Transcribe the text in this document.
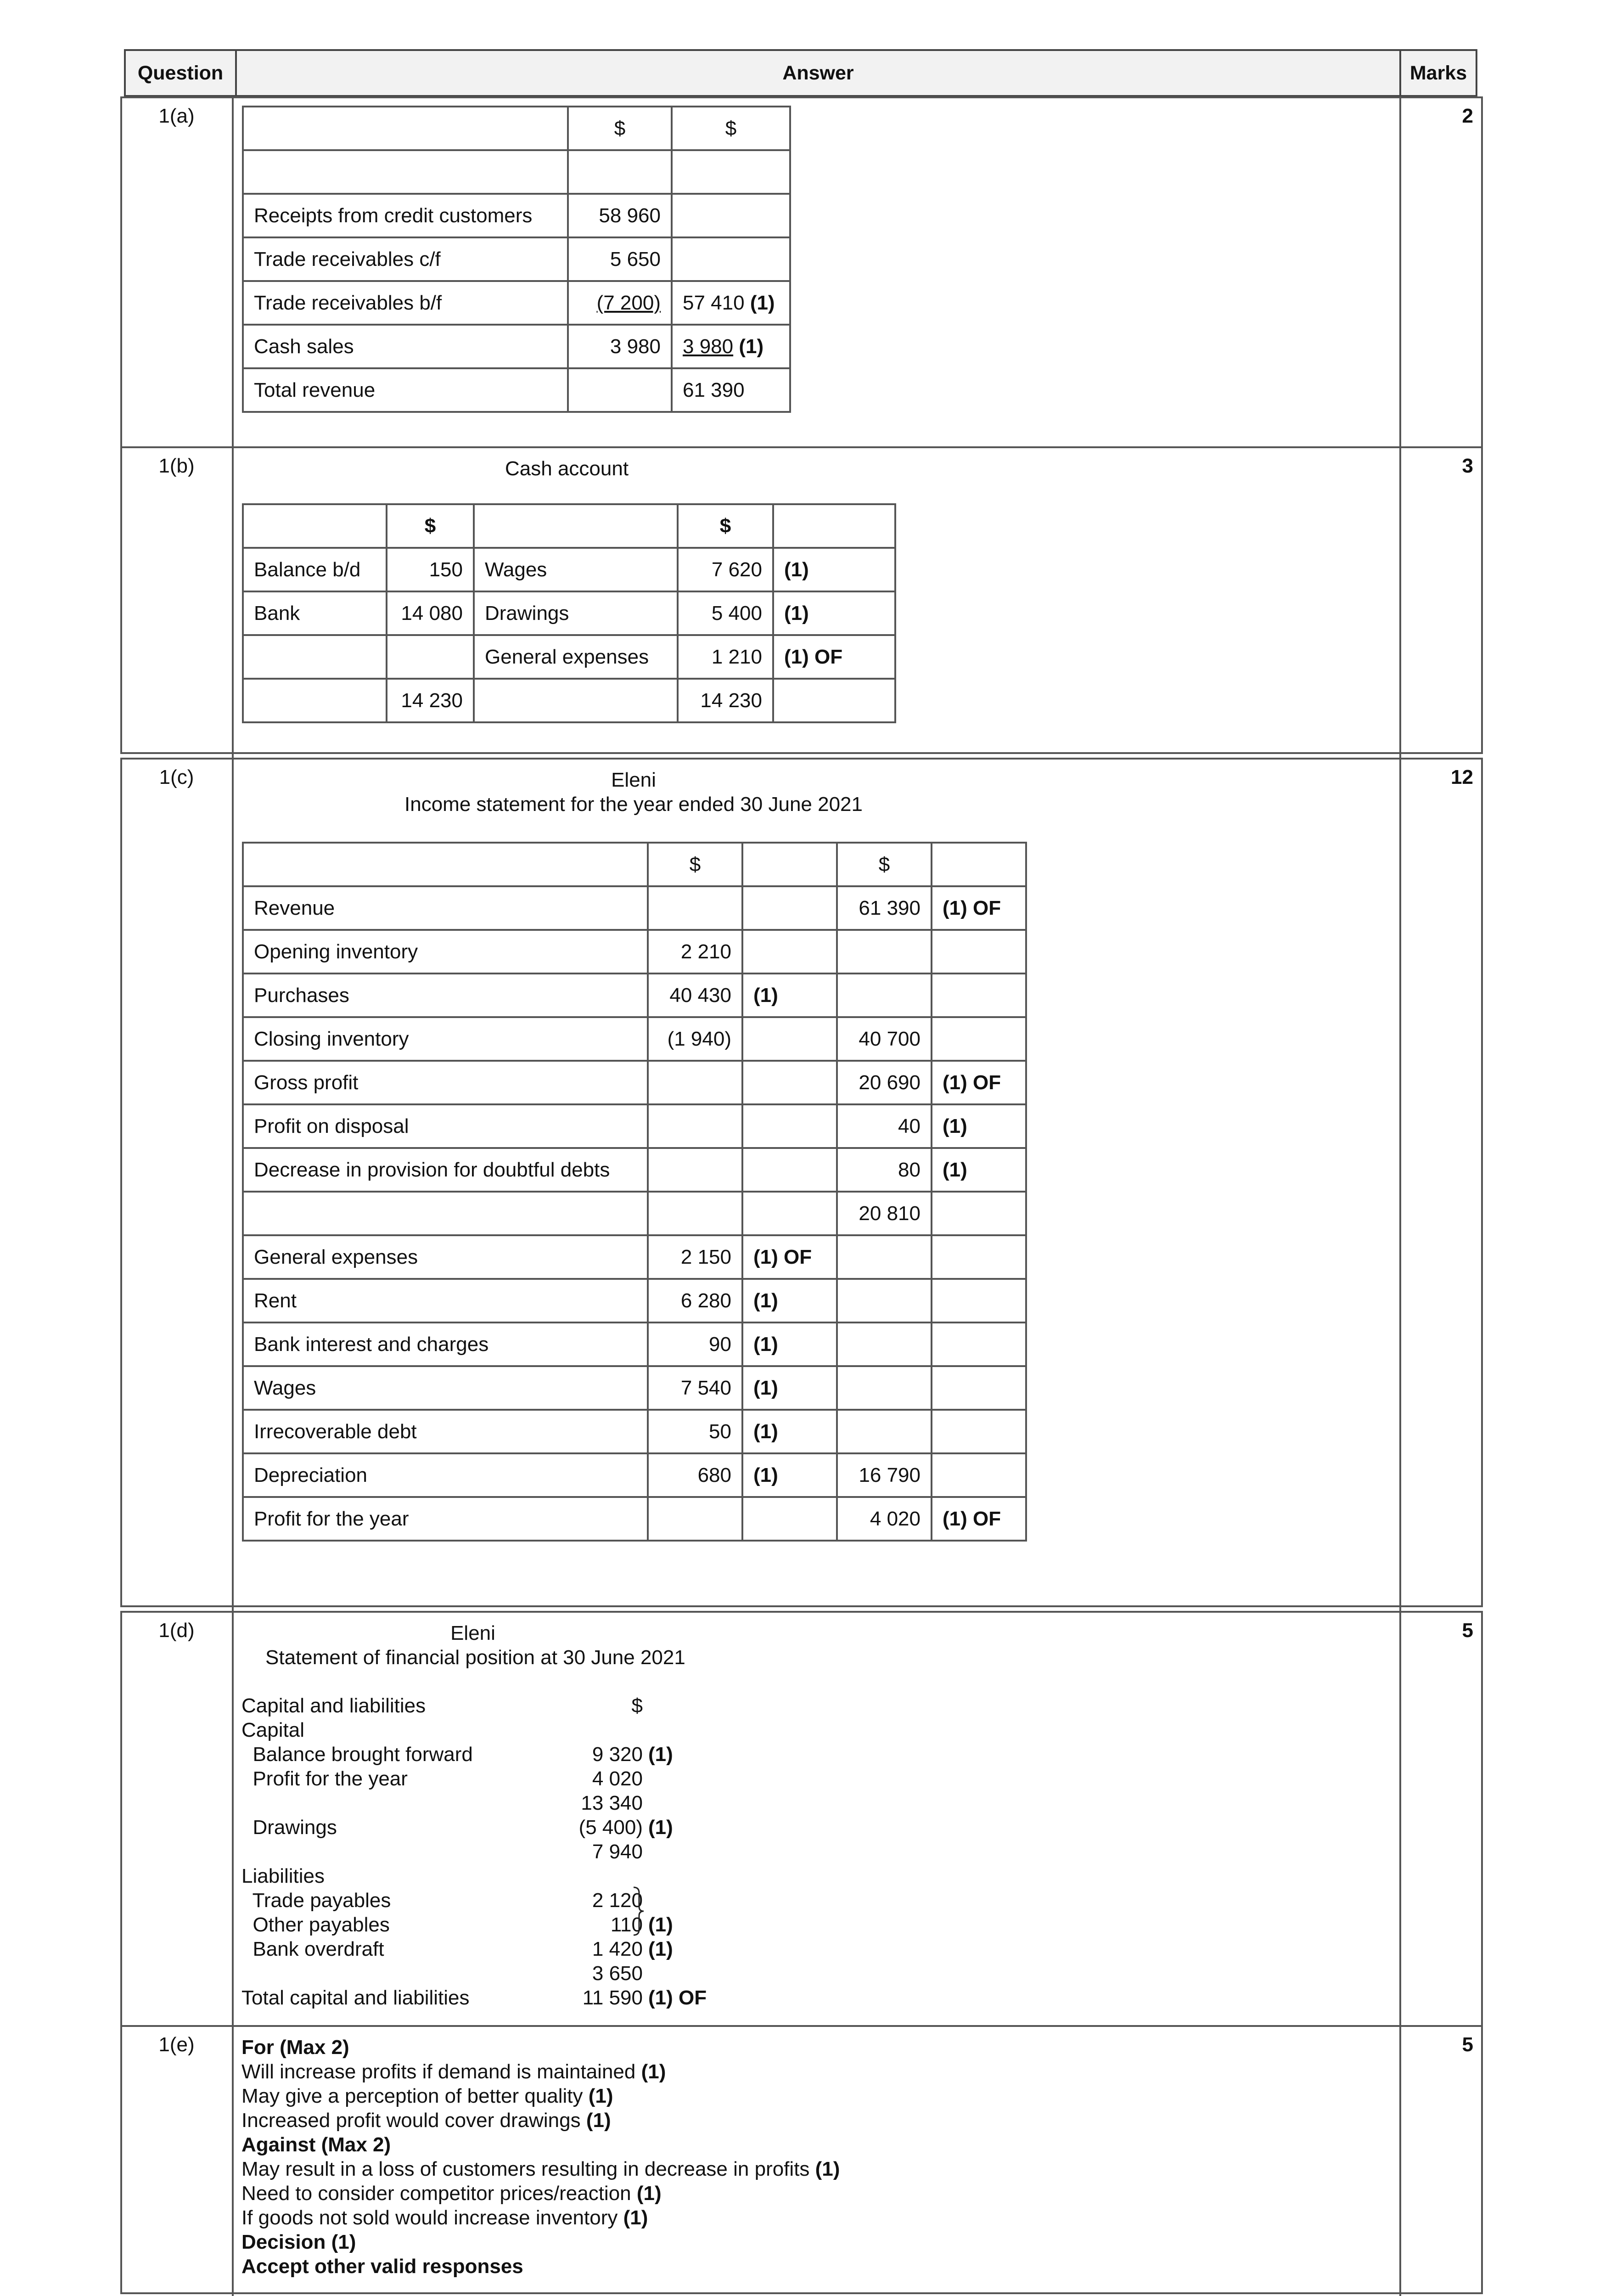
Question	Answer	Marks
1(a)	2
	$	$

Receipts from credit customers	58 960	
Trade receivables c/f	5 650	
Trade receivables b/f	(7 200)	57 410 (1)
Cash sales	3 980	3 980 (1)
Total revenue		61 390
1(b)	3
Cash account
	$		$	
Balance b/d	150	Wages	7 620	(1)
Bank	14 080	Drawings	5 400	(1)
		General expenses	1 210	(1) OF
	14 230		14 230	
1(c)	12
Eleni
Income statement for the year ended 30 June 2021
	$		$	
Revenue			61 390	(1) OF
Opening inventory	2 210			
Purchases	40 430	(1)		
Closing inventory	(1 940)		40 700	
Gross profit			20 690	(1) OF
Profit on disposal			40	(1)
Decrease in provision for doubtful debts			80	(1)
			20 810	
General expenses	2 150	(1) OF		
Rent	6 280	(1)		
Bank interest and charges	90	(1)		
Wages	7 540	(1)		
Irrecoverable debt	50	(1)		
Depreciation	680	(1)	16 790	
Profit for the year			4 020	(1) OF
1(d)	5
Eleni
Statement of financial position at 30 June 2021
Capital and liabilities	$
Capital
Balance brought forward	9 320 (1)
Profit for the year	4 020
13 340
Drawings	(5 400) (1)
7 940
Liabilities
Trade payables	2 120
Other payables	110 (1)
Bank overdraft	1 420 (1)
3 650
Total capital and liabilities	11 590 (1) OF
1(e)	5
For (Max 2)
Will increase profits if demand is maintained (1)
May give a perception of better quality (1)
Increased profit would cover drawings (1)
Against (Max 2)
May result in a loss of customers resulting in decrease in profits (1)
Need to consider competitor prices/reaction (1)
If goods not sold would increase inventory (1)
Decision (1)
Accept other valid responses
